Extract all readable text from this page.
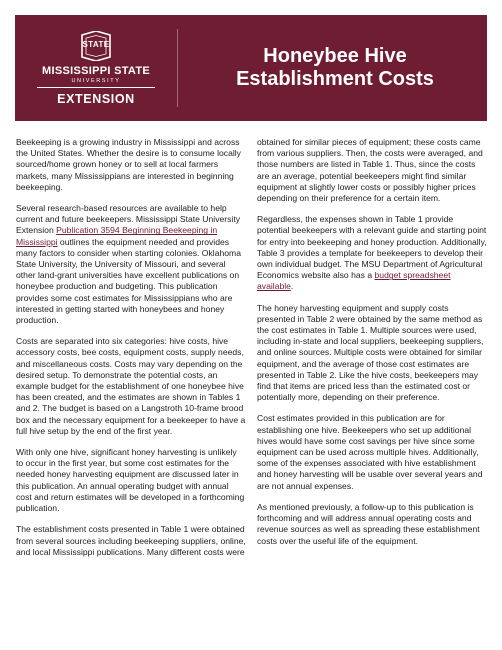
STATE
MISSISSIPPI STATE
UNIVERSITY
EXTENSION
Honeybee Hive
Establishment Costs

Beekeeping is a growing industry in Mississippi and across the United States. Whether the desire is to consume locally sourced/home grown honey or to sell at local farmers markets, many Mississippians are interested in beginning beekeeping.

Several research-based resources are available to help current and future beekeepers. Mississippi State University Extension Publication 3594 Beginning Beekeeping in Mississippi outlines the equipment needed and provides many factors to consider when starting colonies. Oklahoma State University, the University of Missouri, and several other land-grant universities have excellent publications on honeybee production and budgeting. This publication provides some cost estimates for Mississippians who are interested in getting started with honeybees and honey production.

Costs are separated into six categories: hive costs, hive accessory costs, bee costs, equipment costs, supply needs, and miscellaneous costs. Costs may vary depending on the desired setup. To demonstrate the potential costs, an example budget for the establishment of one honeybee hive has been created, and the estimates are shown in Tables 1 and 2. The budget is based on a Langstroth 10-frame brood box and the necessary equipment for a beekeeper to have a full hive setup by the end of the first year.

With only one hive, significant honey harvesting is unlikely to occur in the first year, but some cost estimates for the needed honey harvesting equipment are discussed later in this publication. An annual operating budget with annual cost and return estimates will be developed in a forthcoming publication.

The establishment costs presented in Table 1 were obtained from several sources including beekeeping suppliers, online, and local Mississippi publications. Many different costs were

obtained for similar pieces of equipment; these costs came from various suppliers. Then, the costs were averaged, and those numbers are listed in Table 1. Thus, since the costs are an average, potential beekeepers might find similar equipment at slightly lower costs or possibly higher prices depending on their preference for a certain item.

Regardless, the expenses shown in Table 1 provide potential beekeepers with a relevant guide and starting point for entry into beekeeping and honey production. Additionally, Table 3 provides a template for beekeepers to develop their own individual budget. The MSU Department of Agricultural Economics website also has a budget spreadsheet available.

The honey harvesting equipment and supply costs presented in Table 2 were obtained by the same method as the cost estimates in Table 1. Multiple sources were used, including in-state and local suppliers, beekeeping suppliers, and online sources. Multiple costs were obtained for similar equipment, and the average of those cost estimates are presented in Table 2. Like the hive costs, beekeepers may find that items are priced less than the estimated cost or potentially more, depending on their preference.

Cost estimates provided in this publication are for establishing one hive. Beekeepers who set up additional hives would have some cost savings per hive since some equipment can be used across multiple hives. Additionally, some of the expenses associated with hive establishment and honey harvesting will be usable over several years and are not annual expenses.

As mentioned previously, a follow-up to this publication is forthcoming and will address annual operating costs and revenue sources as well as spreading these establishment costs over the useful life of the equipment.
